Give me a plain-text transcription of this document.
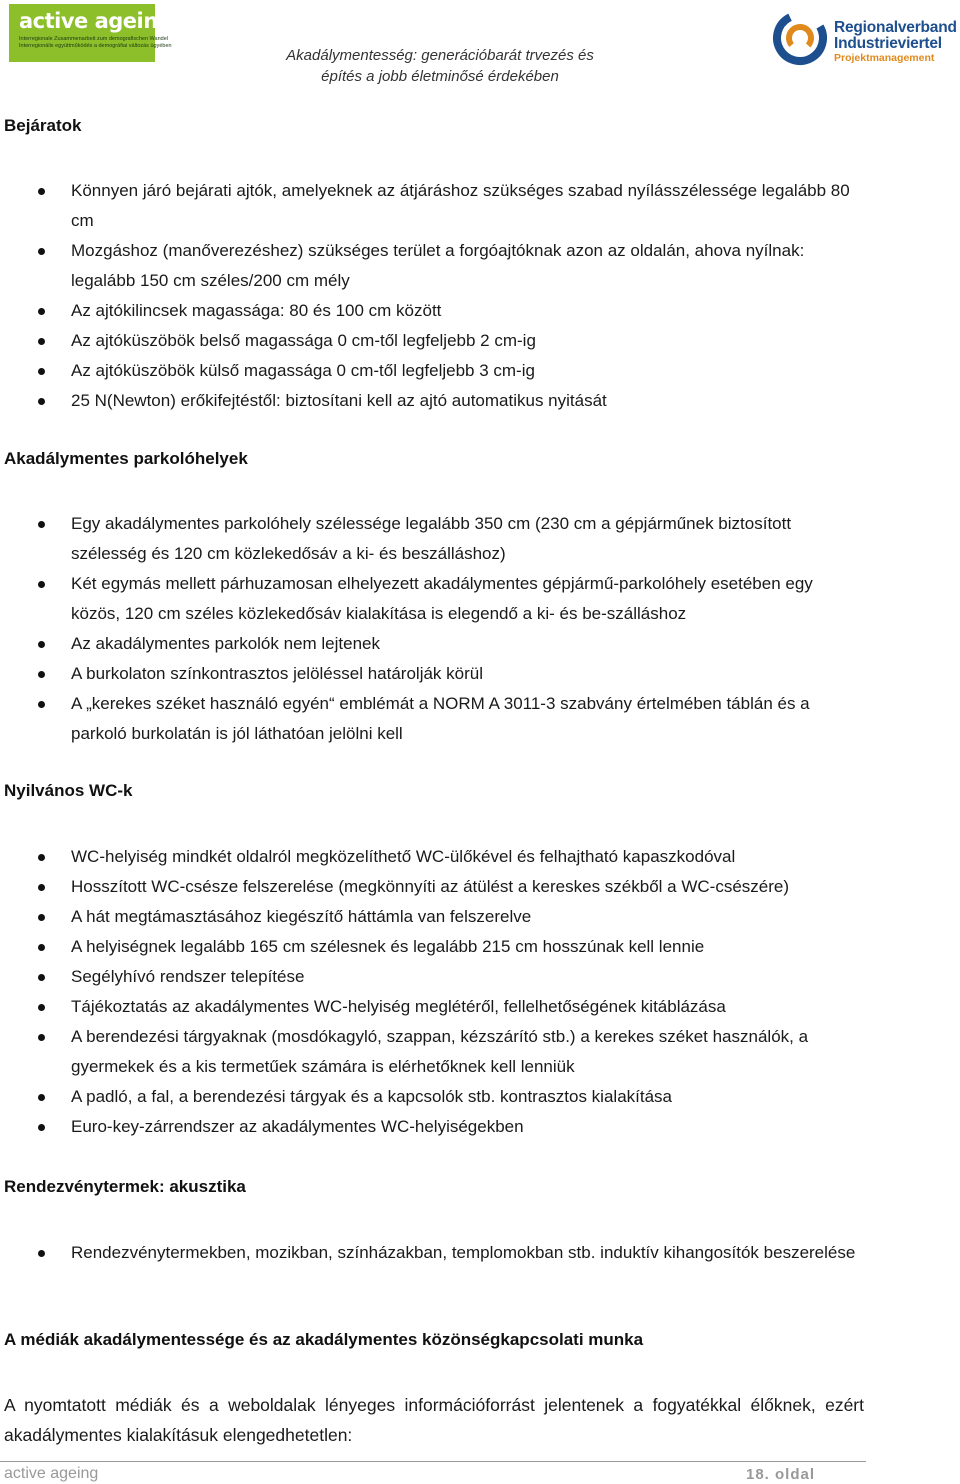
active ageing
Interregionale Zusammenarbeit zum demografischen Wandel
Interregionális együttműködés a demográfiai változás ügyében
Akadálymentesség: generációbarát trvezés és
építés a jobb életminősé érdekében
Regionalverband
Industrieviertel
Projektmanagement
Bejáratok
Könnyen járó bejárati ajtók, amelyeknek az átjáráshoz szükséges szabad nyílásszélessége legalább 80 cm
Mozgáshoz (manőverezéshez) szükséges terület a forgóajtóknak azon az oldalán, ahova nyílnak: legalább 150 cm széles/200 cm mély
Az ajtókilincsek magassága: 80 és 100 cm között
Az ajtóküszöbök belső magassága 0 cm-től legfeljebb 2 cm-ig
Az ajtóküszöbök külső magassága 0 cm-től legfeljebb 3 cm-ig
25 N(Newton) erőkifejtéstől: biztosítani kell az ajtó automatikus nyitását
Akadálymentes parkolóhelyek
Egy akadálymentes parkolóhely szélessége legalább 350 cm (230 cm a gépjárműnek biztosított szélesség és 120 cm közlekedősáv a ki- és beszálláshoz)
Két egymás mellett párhuzamosan elhelyezett akadálymentes gépjármű-parkolóhely esetében egy közös, 120 cm széles közlekedősáv kialakítása is elegendő a ki- és be-szálláshoz
Az akadálymentes parkolók nem lejtenek
A burkolaton színkontrasztos jelöléssel határolják körül
A „kerekes széket használó egyén“ emblémát a NORM A 3011-3 szabvány értelmében táblán és a parkoló burkolatán is jól láthatóan jelölni kell
Nyilvános WC-k
WC-helyiség mindkét oldalról megközelíthető WC-ülőkével és felhajtható kapaszkodóval
Hosszított WC-csésze felszerelése (megkönnyíti az átülést a kereskes székből a WC-csészére)
A hát megtámasztásához kiegészítő háttámla van felszerelve
A helyiségnek legalább 165 cm szélesnek és legalább 215 cm hosszúnak kell lennie
Segélyhívó rendszer telepítése
Tájékoztatás az akadálymentes WC-helyiség meglétéről, fellelhetőségének kitáblázása
A berendezési tárgyaknak (mosdókagyló, szappan, kézszárító stb.) a kerekes széket használók, a gyermekek és a kis termetűek számára is elérhetőknek kell lenniük
A padló, a fal, a berendezési tárgyak és a kapcsolók stb. kontrasztos kialakítása
Euro-key-zárrendszer az akadálymentes WC-helyiségekben
Rendezvénytermek: akusztika
Rendezvénytermekben, mozikban, színházakban, templomokban stb. induktív kihangosítók beszerelése
A médiák akadálymentessége és az akadálymentes közönségkapcsolati munka
A nyomtatott médiák és a weboldalak lényeges információforrást jelentenek a fogyatékkal élőknek, ezért akadálymentes kialakításuk elengedhetetlen:
active ageing	18. oldal
